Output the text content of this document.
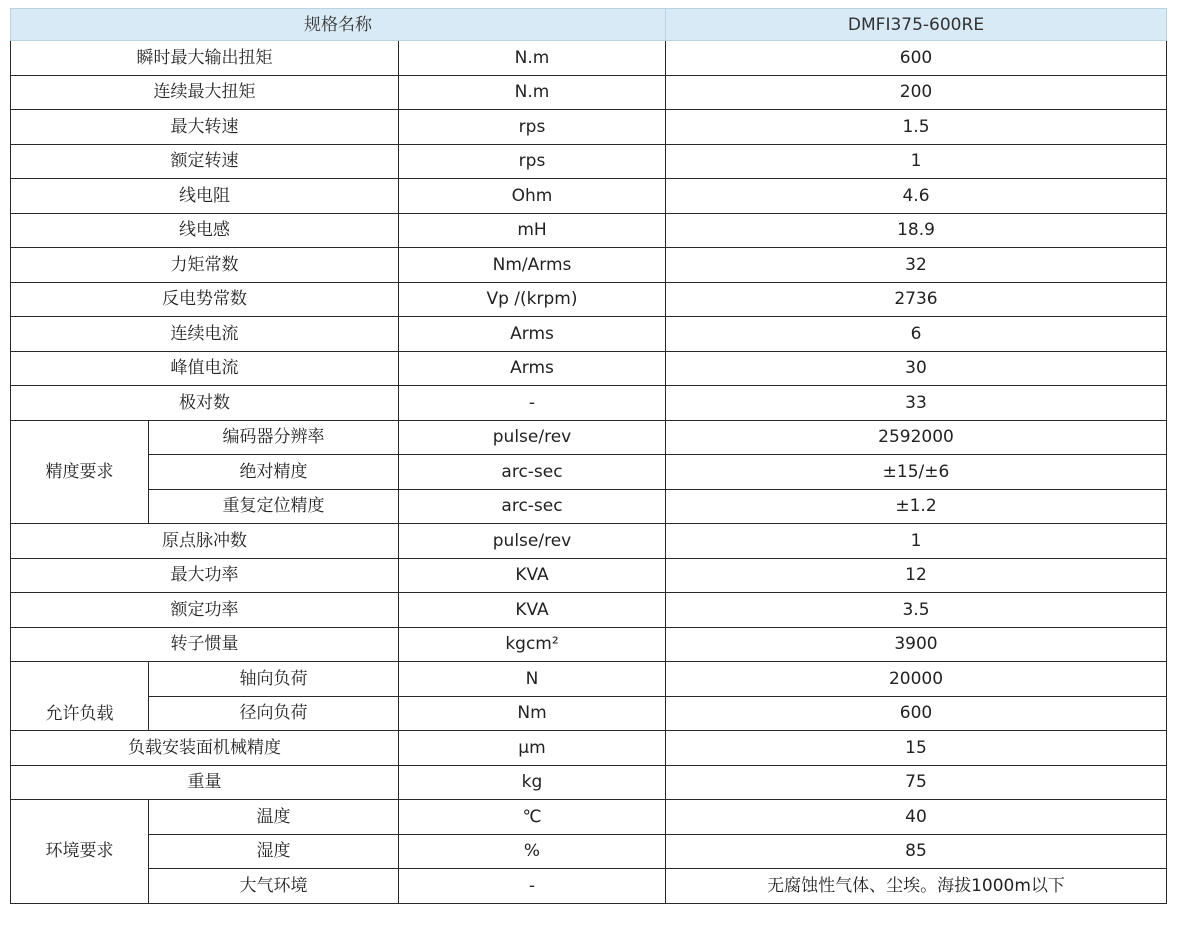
规格名称			DMFI375-600RE
瞬时最大输出扭矩		N.m	600
连续最大扭矩		N.m	200
最大转速		rps	1.5
额定转速		rps	1
线电阻		Ohm	4.6
线电感		mH	18.9
力矩常数		Nm/Arms	32
反电势常数		Vp /(krpm)	2736
连续电流		Arms	6
峰值电流		Arms	30
极对数		-	33
精度要求	编码器分辨率	pulse/rev	2592000
	绝对精度	arc-sec	±15/±6
	重复定位精度	arc-sec	±1.2
原点脉冲数		pulse/rev	1
最大功率		KVA	12
额定功率		KVA	3.5
转子惯量		kgcm²	3900
允许负载	轴向负荷	N	20000
	径向负荷	Nm	600
负载安装面机械精度		μm	15
重量		kg	75
环境要求	温度	℃	40
	湿度	%	85
	大气环境	-	无腐蚀性气体、尘埃。海拔1000m以下
